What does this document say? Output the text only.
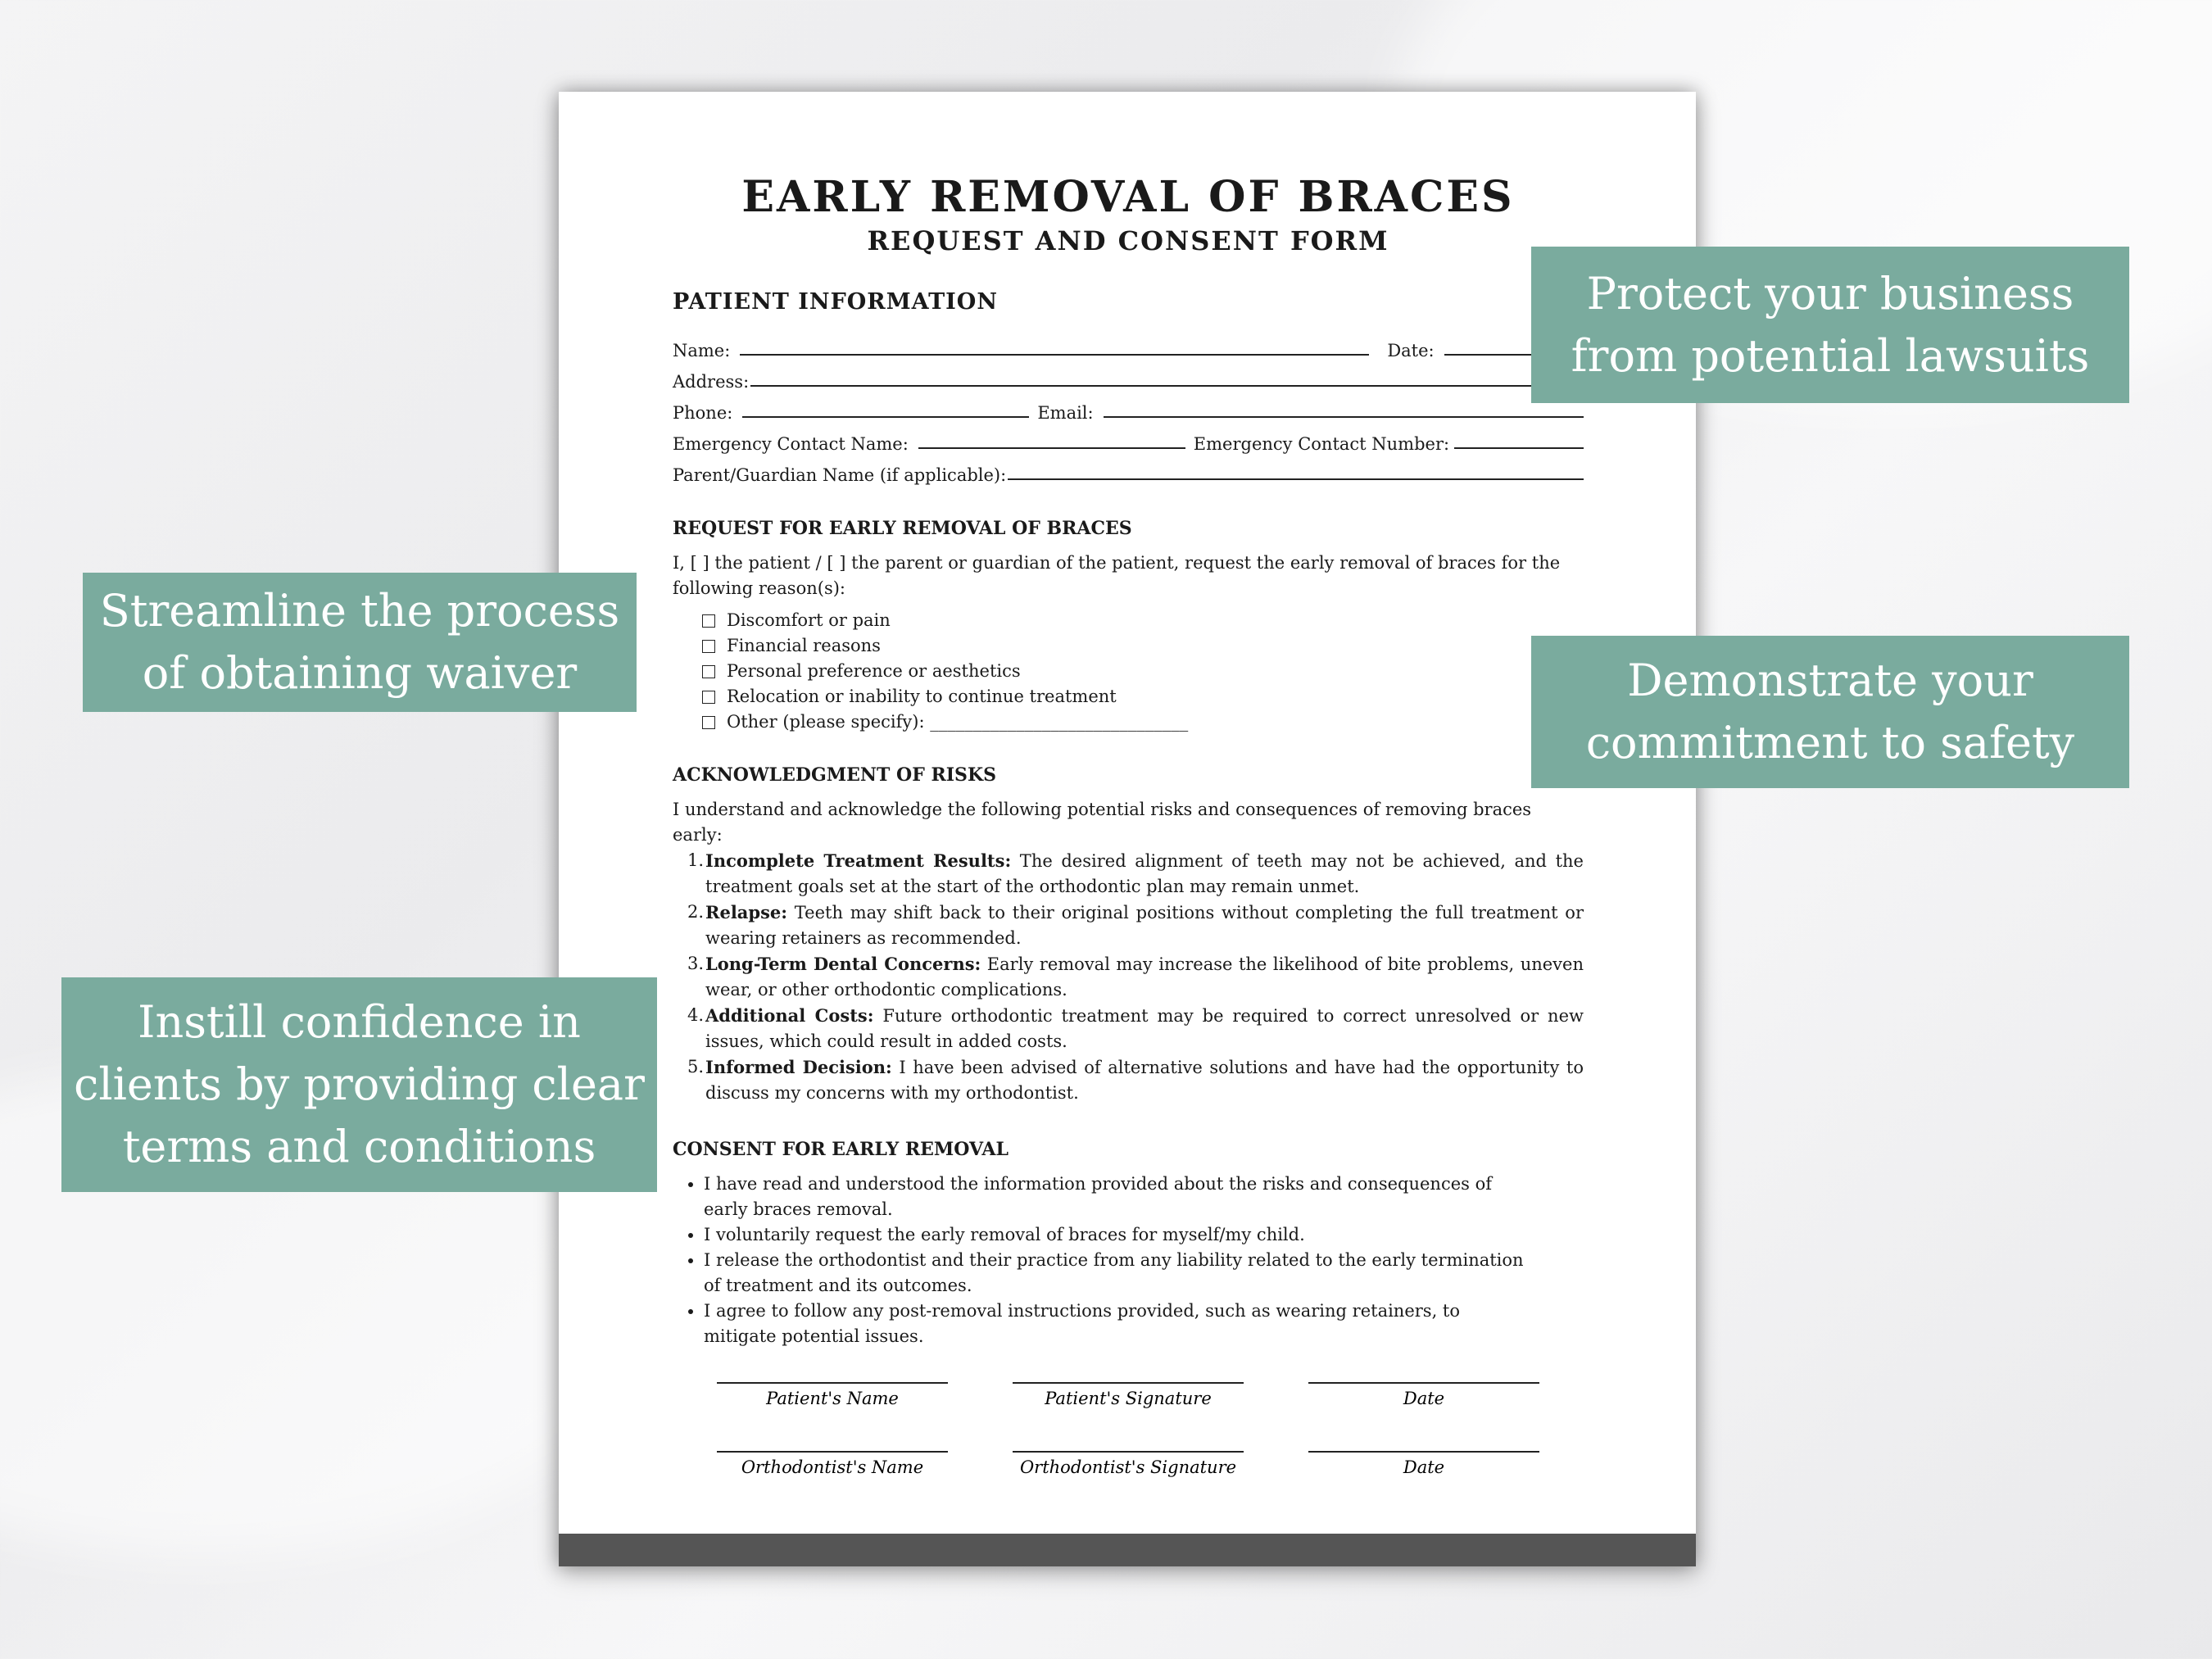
EARLY REMOVAL OF BRACES
REQUEST AND CONSENT FORM
PATIENT INFORMATION
Name:	Date:
Address:
Phone:	Email:
Emergency Contact Name:	Emergency Contact Number:
Parent/Guardian Name (if applicable):
REQUEST FOR EARLY REMOVAL OF BRACES

I, [ ] the patient / [ ] the parent or guardian of the patient, request the early removal of braces for the following reason(s):

Discomfort or pain
Financial reasons
Personal preference or aesthetics
Relocation or inability to continue treatment
Other (please specify): ______________________________
ACKNOWLEDGMENT OF RISKS

I understand and acknowledge the following potential risks and consequences of removing braces early:

1. Incomplete Treatment Results: The desired alignment of teeth may not be achieved, and the treatment goals set at the start of the orthodontic plan may remain unmet.
2. Relapse: Teeth may shift back to their original positions without completing the full treatment or wearing retainers as recommended.
3. Long-Term Dental Concerns: Early removal may increase the likelihood of bite problems, uneven wear, or other orthodontic complications.
4. Additional Costs: Future orthodontic treatment may be required to correct unresolved or new issues, which could result in added costs.
5. Informed Decision: I have been advised of alternative solutions and have had the opportunity to discuss my concerns with my orthodontist.
CONSENT FOR EARLY REMOVAL
• I have read and understood the information provided about the risks and consequences of early braces removal.
• I voluntarily request the early removal of braces for myself/my child.
• I release the orthodontist and their practice from any liability related to the early termination of treatment and its outcomes.
• I agree to follow any post-removal instructions provided, such as wearing retainers, to mitigate potential issues.
Patient's Name	Patient's Signature	Date
Orthodontist's Name	Orthodontist's Signature	Date
Protect your business from potential lawsuits
Demonstrate your commitment to safety
Streamline the process of obtaining waiver
Instill confidence in clients by providing clear terms and conditions
